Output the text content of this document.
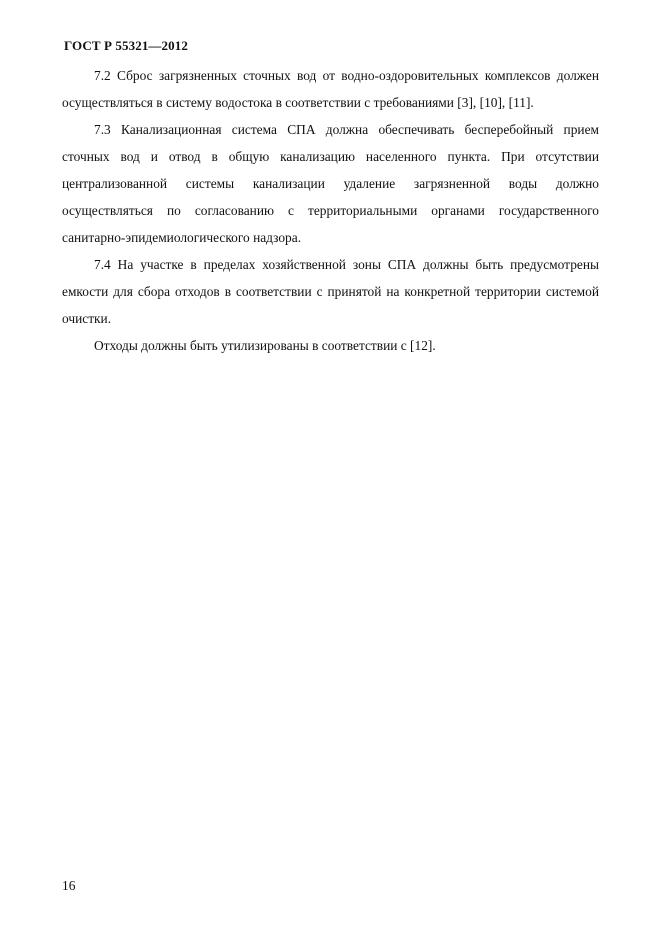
ГОСТ Р 55321—2012

7.2 Сброс загрязненных сточных вод от водно-оздоровительных комплексов должен осуществляться в систему водостока в соответствии с требованиями [3], [10], [11].

7.3 Канализационная система СПА должна обеспечивать бесперебойный прием сточных вод и отвод в общую канализацию населенного пункта. При отсутствии централизованной системы канализации удаление загрязненной воды должно осуществляться по согласованию с территориальными органами государственного санитарно-эпидемиологического надзора.

7.4 На участке в пределах хозяйственной зоны СПА должны быть предусмотрены емкости для сбора отходов в соответствии с принятой на конкретной территории системой очистки.

Отходы должны быть утилизированы в соответствии с [12].

16
